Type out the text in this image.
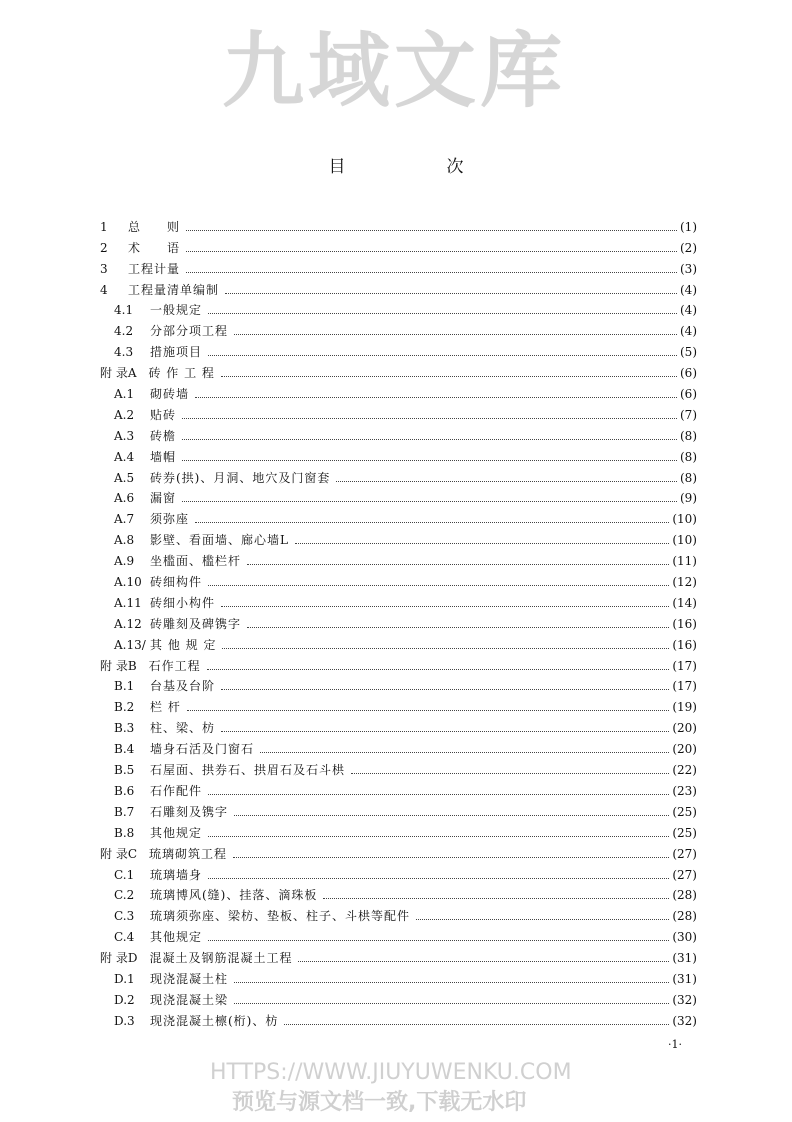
目　次
1	总　　则	(1)
2	术　　语	(2)
3	工程计量	(3)
4	工程量清单编制	(4)
4.1	一般规定	(4)
4.2	分部分项工程	(4)
4.3	措施项目	(5)
附 录A 砖 作 工 程	(6)
A.1	砌砖墙	(6)
A.2	贴砖	(7)
A.3	砖檐	(8)
A.4	墙帽	(8)
A.5	砖券(拱)、月洞、地穴及门窗套	(8)
A.6	漏窗	(9)
A.7	须弥座	(10)
A.8	影壁、看面墙、廊心墙L	(10)
A.9	坐槛面、槛栏杆	(11)
A.10 砖细构件	(12)
A.11 砖细小构件	(14)
A.12 砖雕刻及碑镌字	(16)
A.13/ 其 他 规 定	(16)
附 录B 石作工程	(17)
B.1	台基及台阶	(17)
B.2	栏 杆	(19)
B.3	柱、梁、枋	(20)
B.4	墙身石活及门窗石	(20)
B.5	石屋面、拱券石、拱眉石及石斗栱	(22)
B.6	石作配件	(23)
B.7	石雕刻及镌字	(25)
B.8	其他规定	(25)
附 录C 琉璃砌筑工程	(27)
C.1	琉璃墙身	(27)
C.2	琉璃博风(缝)、挂落、滴珠板	(28)
C.3	琉璃须弥座、梁枋、垫板、柱子、斗栱等配件	(28)
C.4	其他规定	(30)
附 录D 混凝土及钢筋混凝土工程	(31)
D.1	现浇混凝土柱	(31)
D.2	现浇混凝土梁	(32)
D.3	现浇混凝土檩(桁)、枋	(32)
九域文库
HTTPS://WWW.JIUYUWENKU.COM
预览与源文档一致,下载无水印
·1·
